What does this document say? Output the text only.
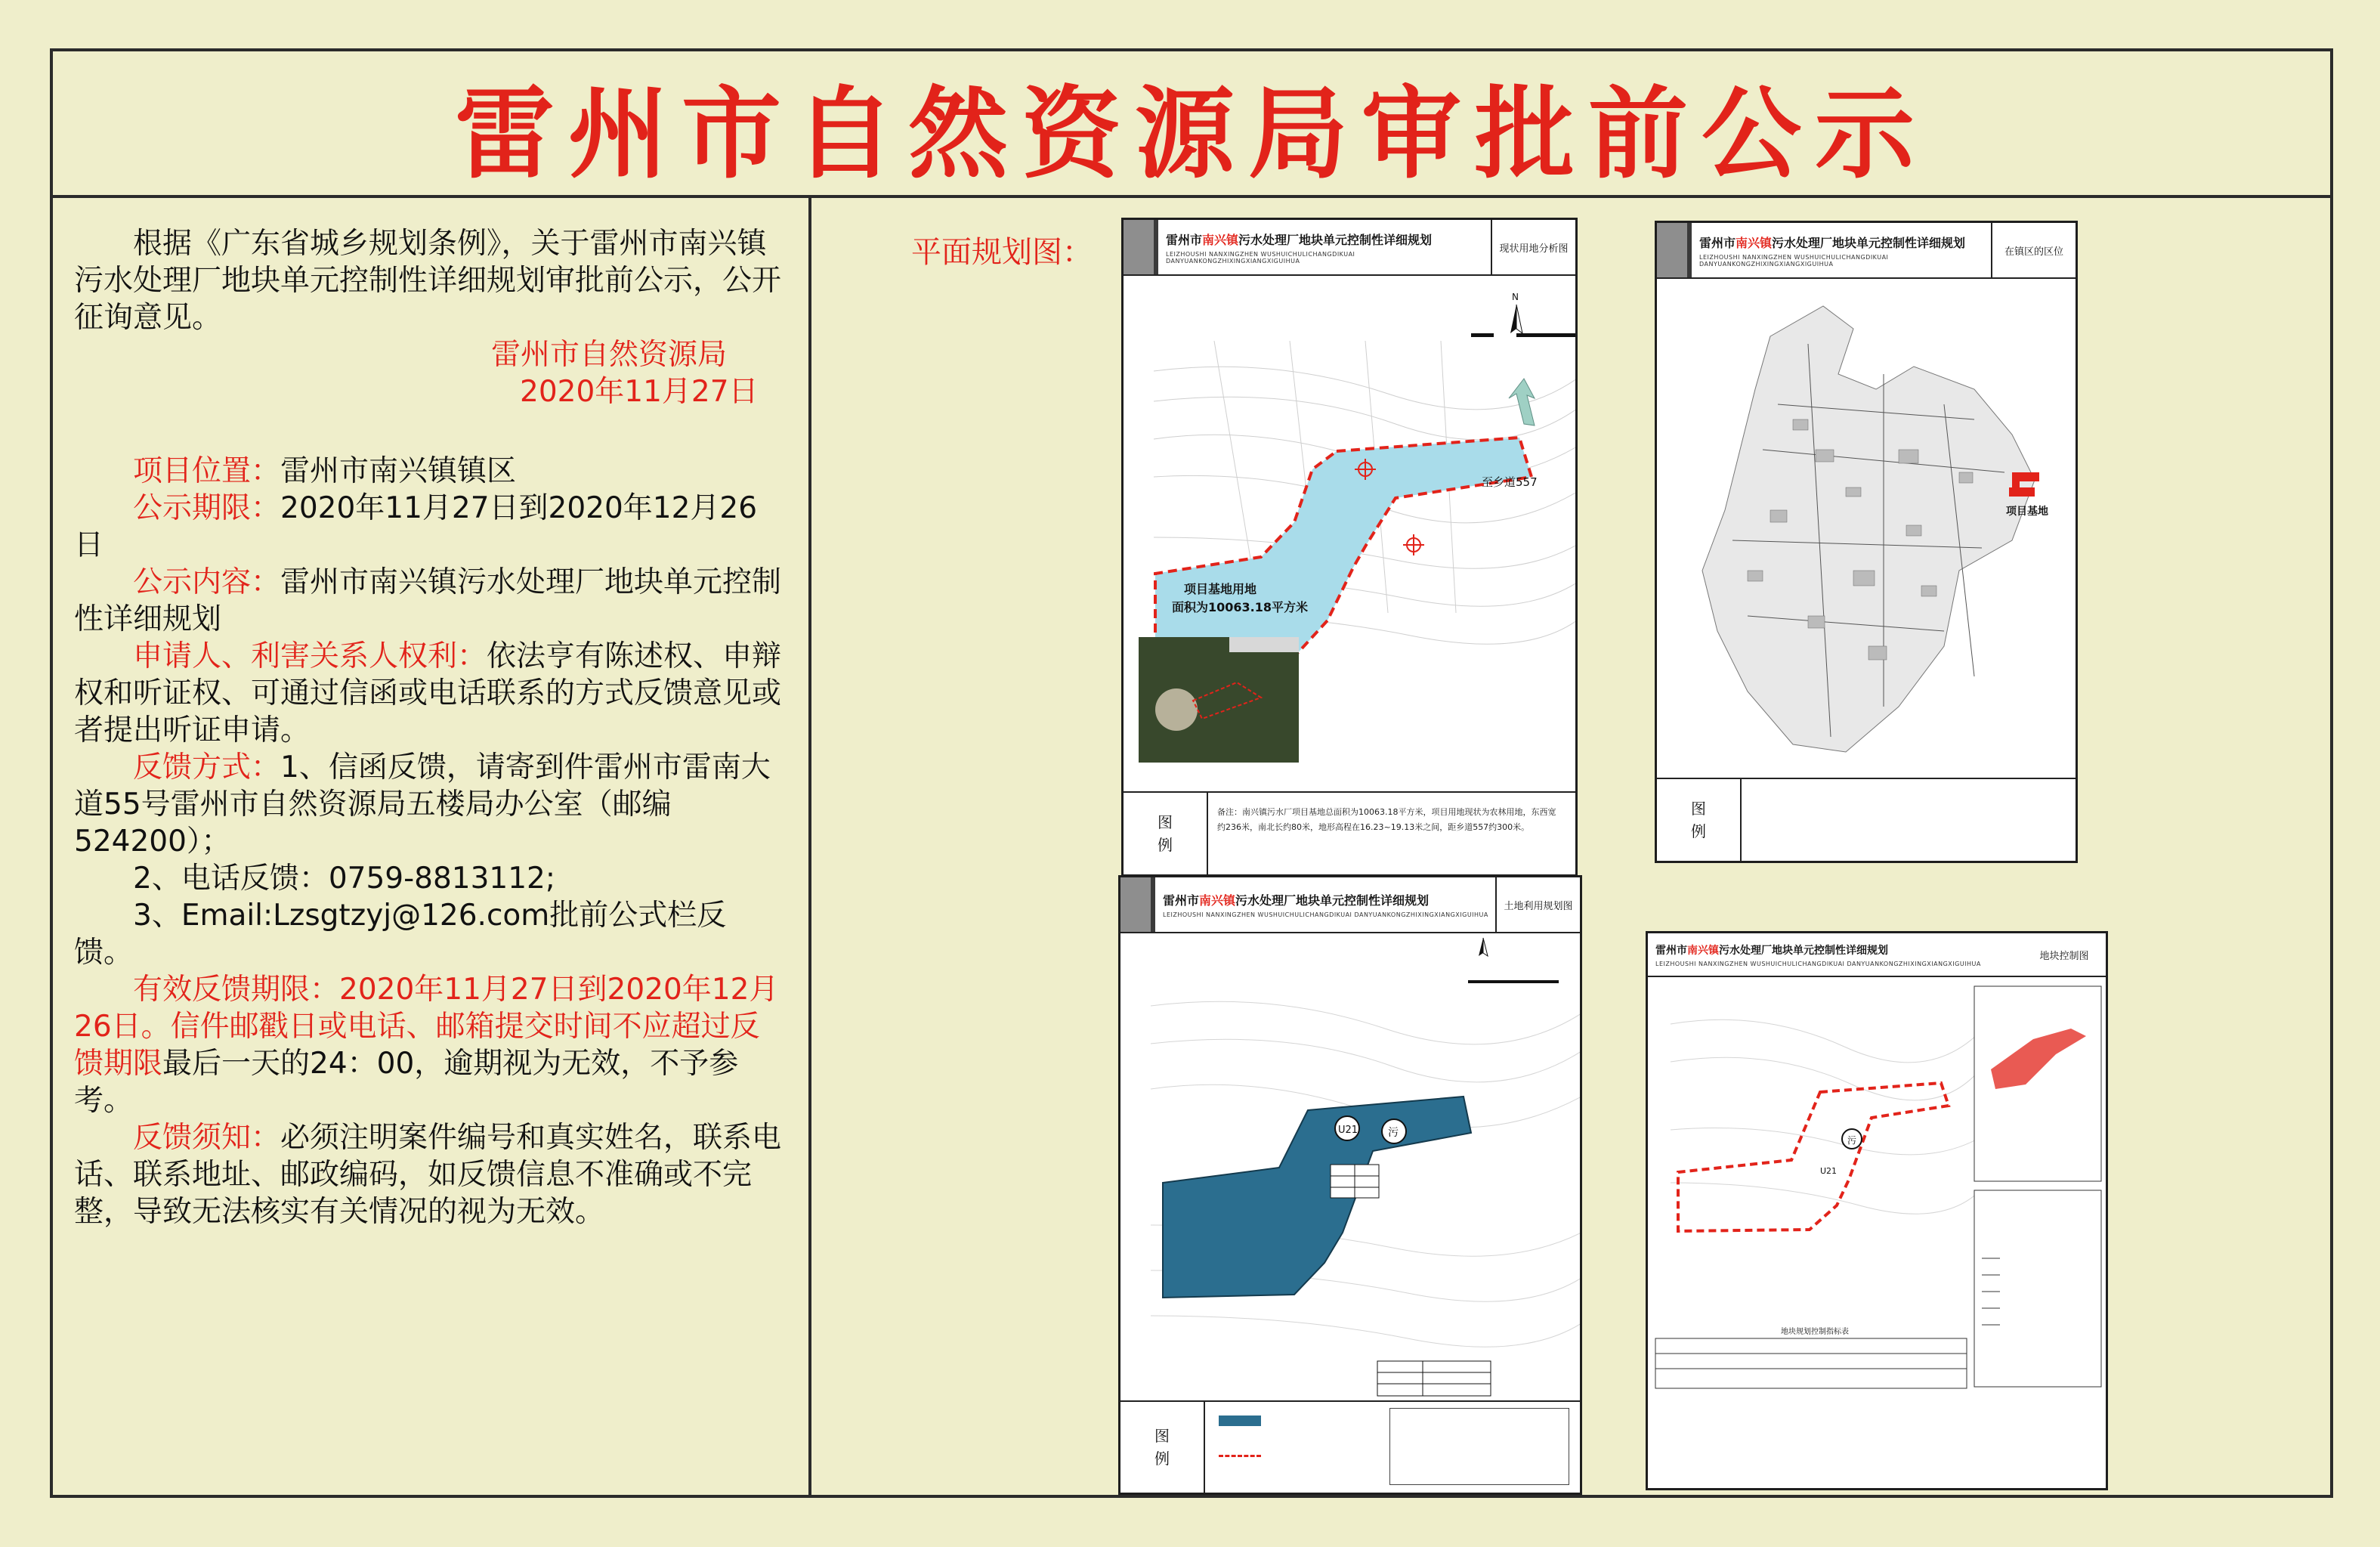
雷州市自然资源局审批前公示

根据《广东省城乡规划条例》，关于雷州市南兴镇污水处理厂地块单元控制性详细规划审批前公示，公开征询意见。

雷州市自然资源局

2020年11月27日

项目位置：雷州市南兴镇镇区

公示期限：2020年11月27日到2020年12月26日

公示内容：雷州市南兴镇污水处理厂地块单元控制性详细规划

申请人、利害关系人权利：依法亨有陈述权、申辩权和听证权、可通过信函或电话联系的方式反馈意见或者提出听证申请。

反馈方式：1、信函反馈，请寄到件雷州市雷南大道55号雷州市自然资源局五楼局办公室（邮编524200）；

2、电话反馈：0759-8813112;

3、Email:Lzsgtzyj@126.com批前公式栏反馈。

有效反馈期限：2020年11月27日到2020年12月26日。信件邮戳日或电话、邮箱提交时间不应超过反馈期限最后一天的24：00，逾期视为无效，不予参考。

反馈须知：必须注明案件编号和真实姓名，联系电话、联系地址、邮政编码，如反馈信息不准确或不完整，导致无法核实有关情况的视为无效。

平面规划图：	雷州市南兴镇污水处理厂地块单元控制性详细规划
LEIZHOUSHI NANXINGZHEN WUSHUICHULICHANGDIKUAI DANYUANKONGZHIXINGXIANGXIGUIHUA
现状用地分析图
项目基地用地
面积为10063.18平方米
至乡道557
N
图
例
备注：南兴镇污水厂项目基地总面积为10063.18平方米，项目用地现状为农林用地，东西宽约236米，南北长约80米，地形高程在16.23~19.13米之间，距乡道557约300米。
雷州市南兴镇污水处理厂地块单元控制性详细规划
LEIZHOUSHI NANXINGZHEN WUSHUICHULICHANGDIKUAI DANYUANKONGZHIXINGXIANGXIGUIHUA
在镇区的区位
项目基地
图
例
雷州市南兴镇污水处理厂地块单元控制性详细规划
LEIZHOUSHI NANXINGZHEN WUSHUICHULICHANGDIKUAI DANYUANKONGZHIXINGXIANGXIGUIHUA
土地利用规划图
U21	污
图
例
雷州市南兴镇污水处理厂地块单元控制性详细规划
LEIZHOUSHI NANXINGZHEN WUSHUICHULICHANGDIKUAI DANYUANKONGZHIXINGXIANGXIGUIHUA
地块控制图
污
U21
地块规划控制指标表
